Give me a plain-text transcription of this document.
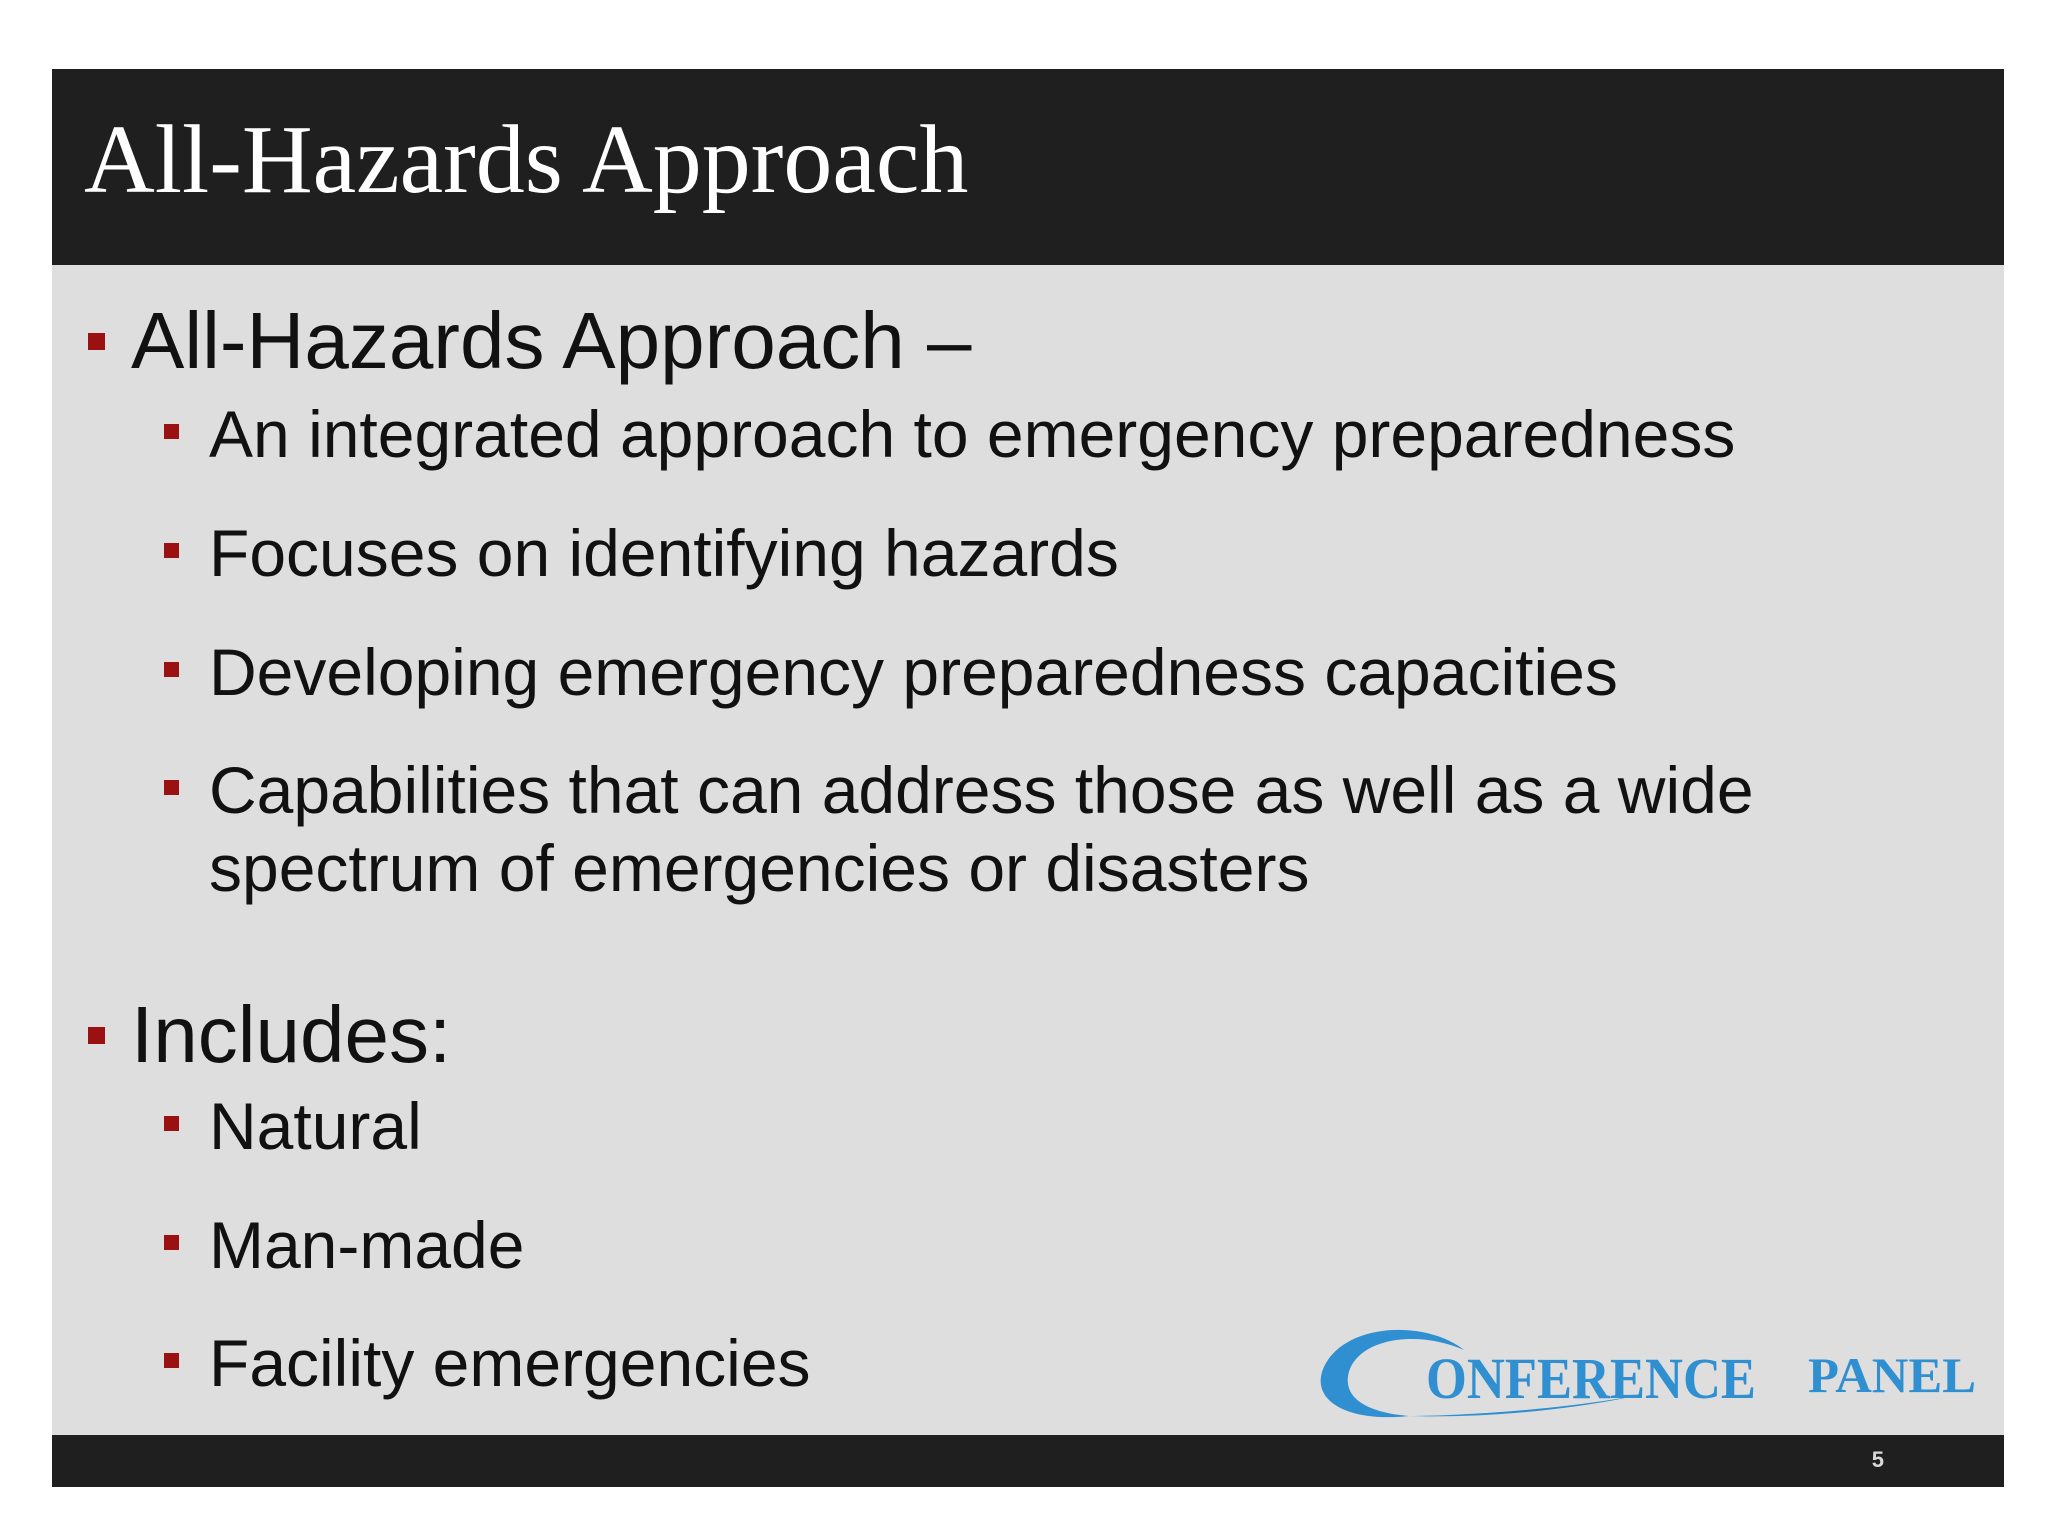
All-Hazards Approach
All-Hazards Approach –
An integrated approach to emergency preparedness
Focuses on identifying hazards
Developing emergency preparedness capacities
Capabilities that can address those as well as a wide spectrum of emergencies or disasters
Includes:
Natural
Man-made
Facility emergencies	ONFERENCE PANEL
5
